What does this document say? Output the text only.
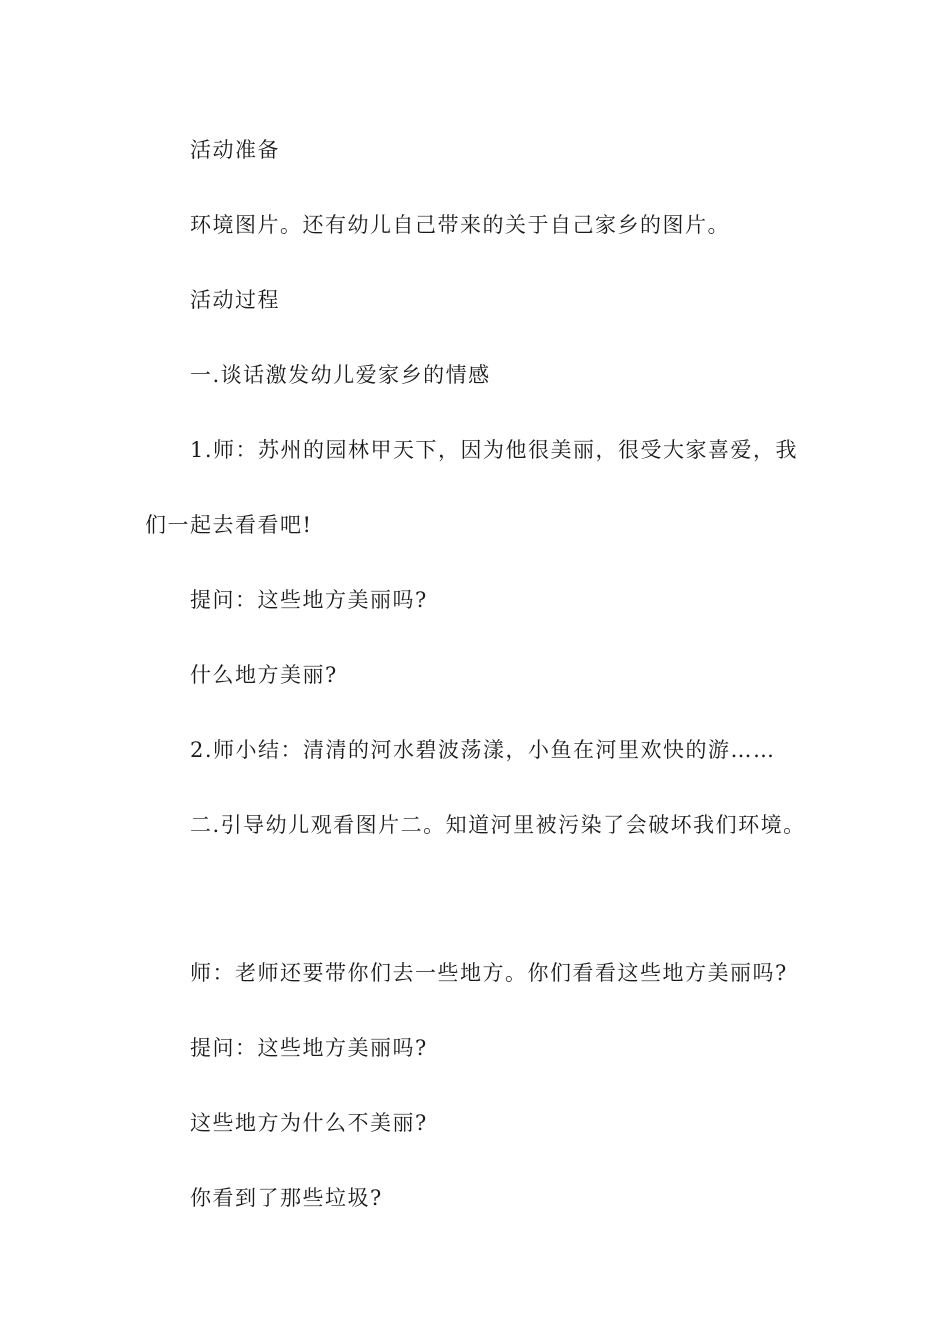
活动准备

环境图片。还有幼儿自己带来的关于自己家乡的图片。

活动过程

一.谈话激发幼儿爱家乡的情感

1.师：苏州的园林甲天下，因为他很美丽，很受大家喜爱，我

们一起去看看吧!

提问：这些地方美丽吗?

什么地方美丽?

2.师小结：清清的河水碧波荡漾，小鱼在河里欢快的游……

二.引导幼儿观看图片二。知道河里被污染了会破坏我们环境。

师：老师还要带你们去一些地方。你们看看这些地方美丽吗?

提问：这些地方美丽吗?

这些地方为什么不美丽?

你看到了那些垃圾?
